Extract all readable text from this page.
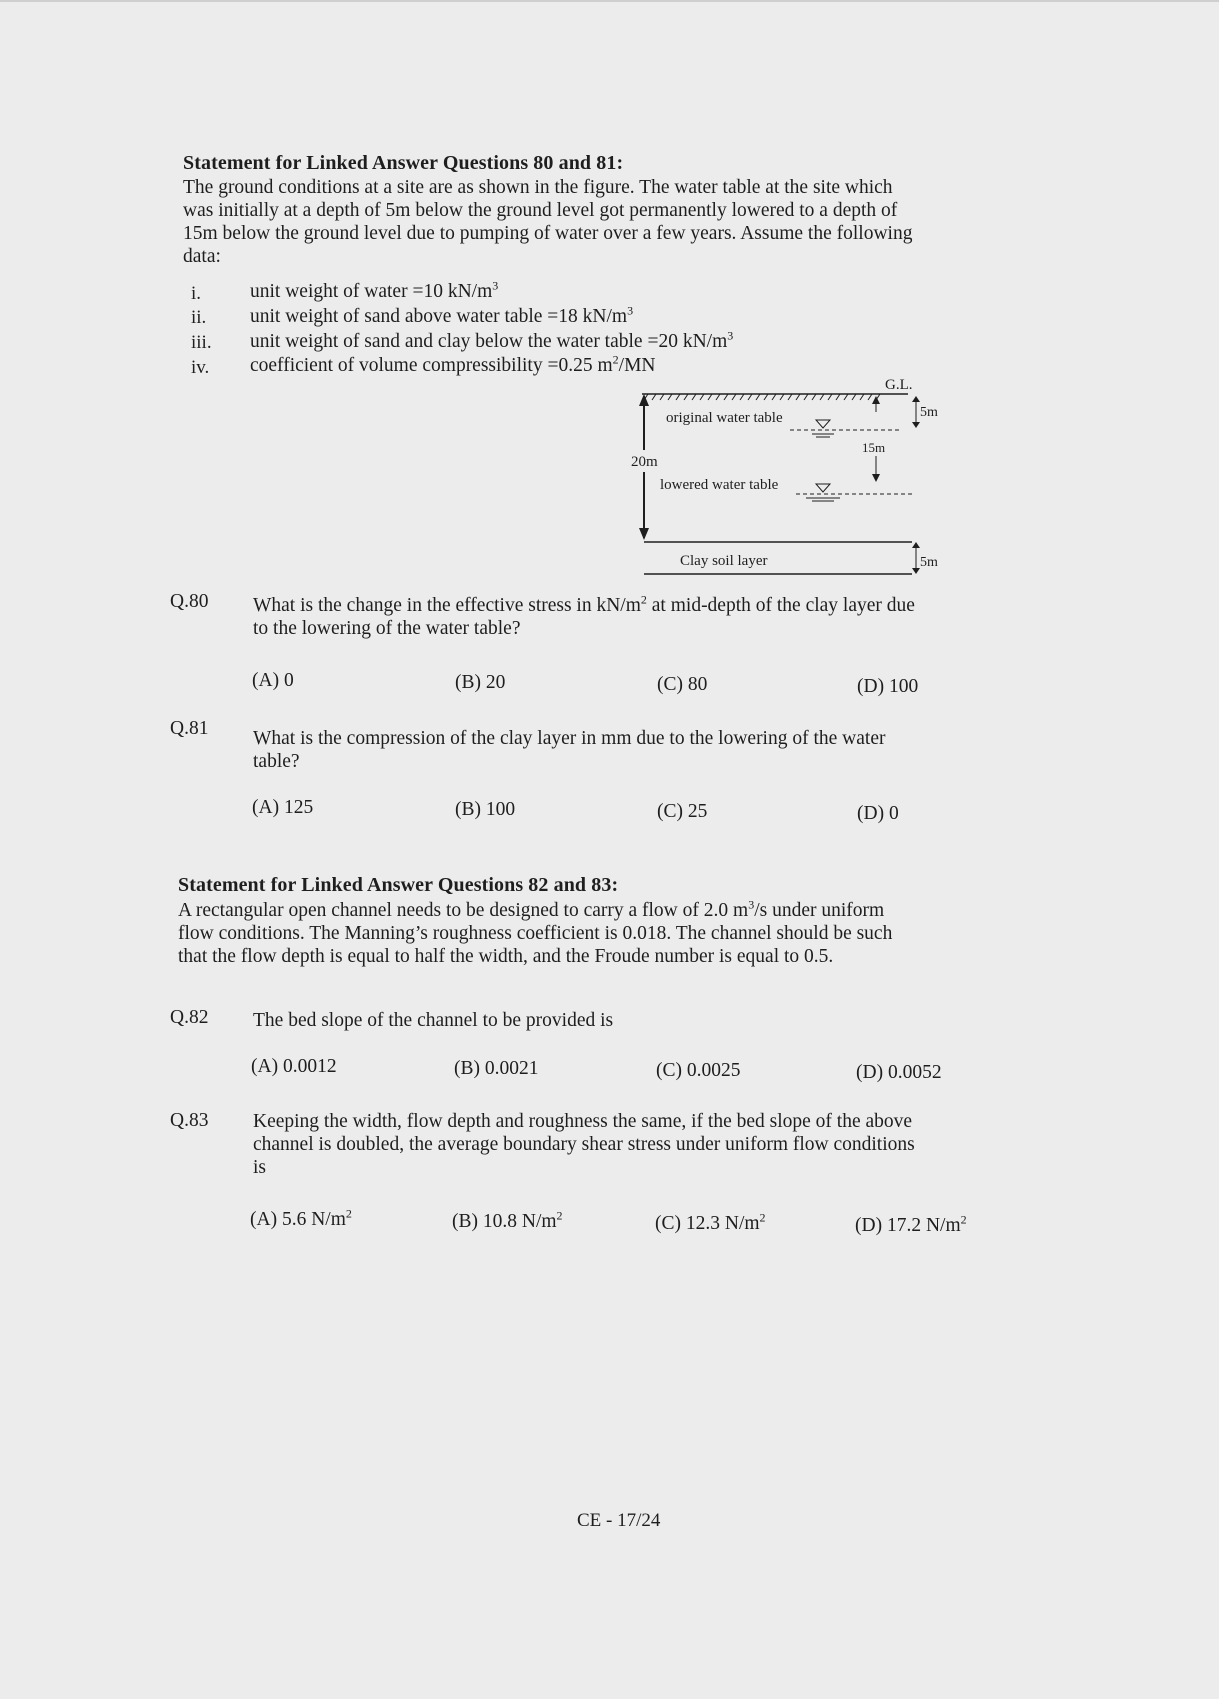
Statement for Linked Answer Questions 80 and 81:
The ground conditions at a site are as shown in the figure. The water table at the site which
was initially at a depth of 5m below the ground level got permanently lowered to a depth of
15m below the ground level due to pumping of water over a few years. Assume the following
data:
i.	unit weight of water =10 $kN/m^3$
ii. unit weight of sand above water table =18 $kN/m^3$
iii. unit weight of sand and clay below the water table =20 $kN/m^3$
iv. coefficient of volume compressibility =0.25 $m^2/MN$
G.L.
20m
original water table
15m
5m
lowered water table
Clay soil layer	5m
Q.80 What is the change in the effective stress in $kN/m^2$ at mid-depth of the clay layer due
to the lowering of the water table?
(A) 0	(B) 20	(C) 80	(D) 100
Q.81 What is the compression of the clay layer in mm due to the lowering of the water
table?
(A) 125	(B) 100	(C) 25	(D) 0
Statement for Linked Answer Questions 82 and 83:
A rectangular open channel needs to be designed to carry a flow of 2.0 $m^3/s$ under uniform
flow conditions. The Manning’s roughness coefficient is 0.018. The channel should be such
that the flow depth is equal to half the width, and the Froude number is equal to 0.5.
Q.82 The bed slope of the channel to be provided is
(A) 0.0012	(B) 0.0021	(C) 0.0025	(D) 0.0052
Q.83 Keeping the width, flow depth and roughness the same, if the bed slope of the above
channel is doubled, the average boundary shear stress under uniform flow conditions
is
(A) 5.6 $N/m^2$	(B) 10.8 $N/m^2$	(C) 12.3 $N/m^2$	(D) 17.2 $N/m^2$
CE - 17/24
